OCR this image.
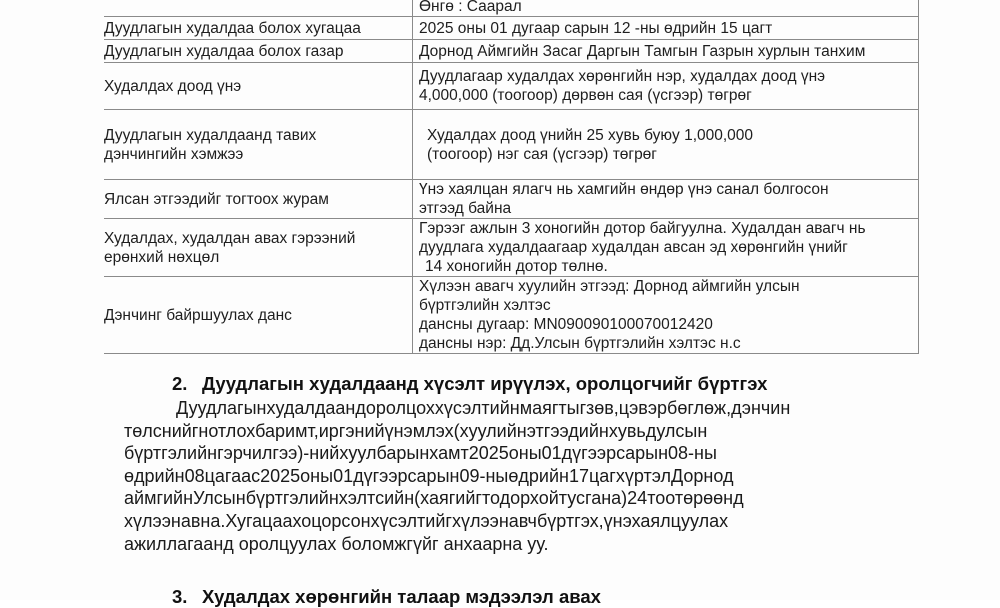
	Өнгө : Саарал

Дуудлагын худалдаа болох хугацаа	2025 оны 01 дугаар сарын 12 -ны өдрийн 15 цагт

Дуудлагын худалдаа болох газар	Дорнод Аймгийн Засаг Даргын Тамгын Газрын хурлын танхим

Худалдах доод үнэ	Дуудлагаар худалдах хөрөнгийн нэр, худалдах доод үнэ
4,000,000 (тоогоор) дөрвөн сая (үсгээр) төгрөг

Дуудлагын худалдаанд тавих
дэнчингийн хэмжээ	Худалдах доод үнийн 25 хувь буюу 1,000,000
(тоогоор) нэг сая (үсгээр) төгрөг

Ялсан этгээдийг тогтоох журам	Үнэ хаялцан ялагч нь хамгийн өндөр үнэ санал болгосон
этгээд байна

Худалдах, худалдан авах гэрээний
ерөнхий нөхцөл	Гэрээг ажлын 3 хоногийн дотор байгуулна. Худалдан авагч нь
дуудлага худалдаагаар худалдан авсан эд хөрөнгийн үнийг
14 хоногийн дотор төлнө.

Дэнчинг байршуулах данс	Хүлээн авагч хуулийн этгээд: Дорнод аймгийн улсын
бүртгэлийн хэлтэс
дансны дугаар: MN090090100070012420
дансны нэр: Дд.Улсын бүртгэлийн хэлтэс н.с
2. Дуудлагын худалдаанд хүсэлт ирүүлэх, оролцогчийг бүртгэх
Дуудлагынхудалдаандоролцоххүсэлтийнмаягтыгзөв,цэвэрбөглөж,дэнчин
төлснийгнотлохбаримт,иргэнийүнэмлэх(хуулийнэтгээдийнхувьдулсын
бүртгэлийнгэрчилгээ)-нийхуулбарынхамт2025оны01дүгээрсарын08-ны
өдрийн08цагаас2025оны01дүгээрсарын09-ныөдрийн17цагхүртэлДорнод
аймгийнУлсынбүртгэлийнхэлтсийн(хаягийгтодорхойтусгана)24тоотөрөөнд
хүлээнавна.Хугацаахоцорсонхүсэлтийгхүлээнавчбүртгэх,үнэхаялцуулах
ажиллагаанд оролцуулах боломжгүйг анхаарна уу.
3. Худалдах хөрөнгийн талаар мэдээлэл авах
